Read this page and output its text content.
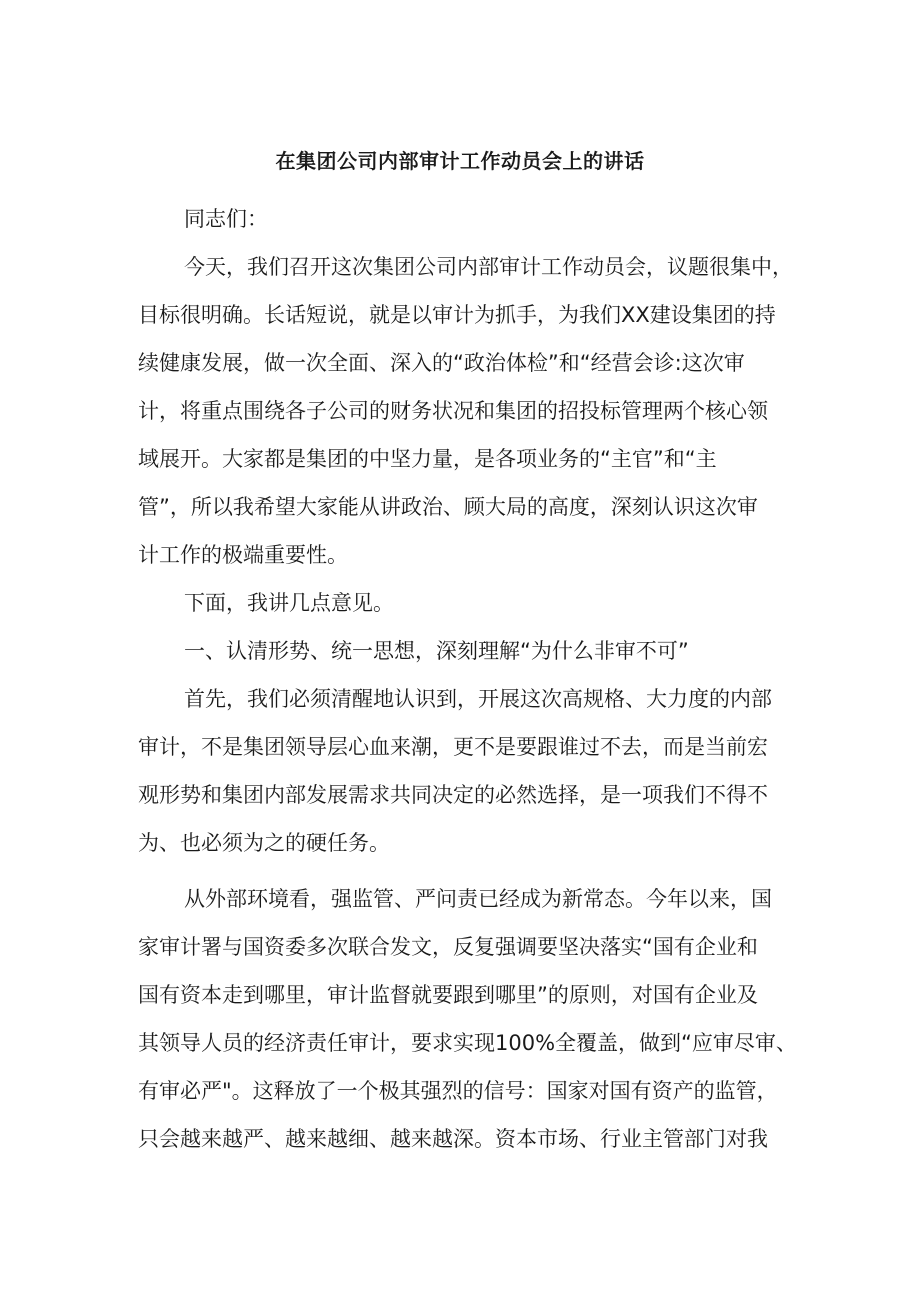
在集团公司内部审计工作动员会上的讲话
同志们：
今天，我们召开这次集团公司内部审计工作动员会，议题很集中，
目标很明确。长话短说，就是以审计为抓手，为我们XX建设集团的持
续健康发展，做一次全面、深入的“政治体检”和“经营会诊:这次审
计，将重点围绕各子公司的财务状况和集团的招投标管理两个核心领
域展开。大家都是集团的中坚力量，是各项业务的“主官”和“主
管”，所以我希望大家能从讲政治、顾大局的高度，深刻认识这次审
计工作的极端重要性。
下面，我讲几点意见。
一、认清形势、统一思想，深刻理解“为什么非审不可”
首先，我们必须清醒地认识到，开展这次高规格、大力度的内部
审计，不是集团领导层心血来潮，更不是要跟谁过不去，而是当前宏
观形势和集团内部发展需求共同决定的必然选择，是一项我们不得不
为、也必须为之的硬任务。
从外部环境看，强监管、严问责已经成为新常态。今年以来，国
家审计署与国资委多次联合发文，反复强调要坚决落实“国有企业和
国有资本走到哪里，审计监督就要跟到哪里”的原则，对国有企业及
其领导人员的经济责任审计，要求实现100%全覆盖，做到“应审尽审、
有审必严"。这释放了一个极其强烈的信号：国家对国有资产的监管，
只会越来越严、越来越细、越来越深。资本市场、行业主管部门对我
